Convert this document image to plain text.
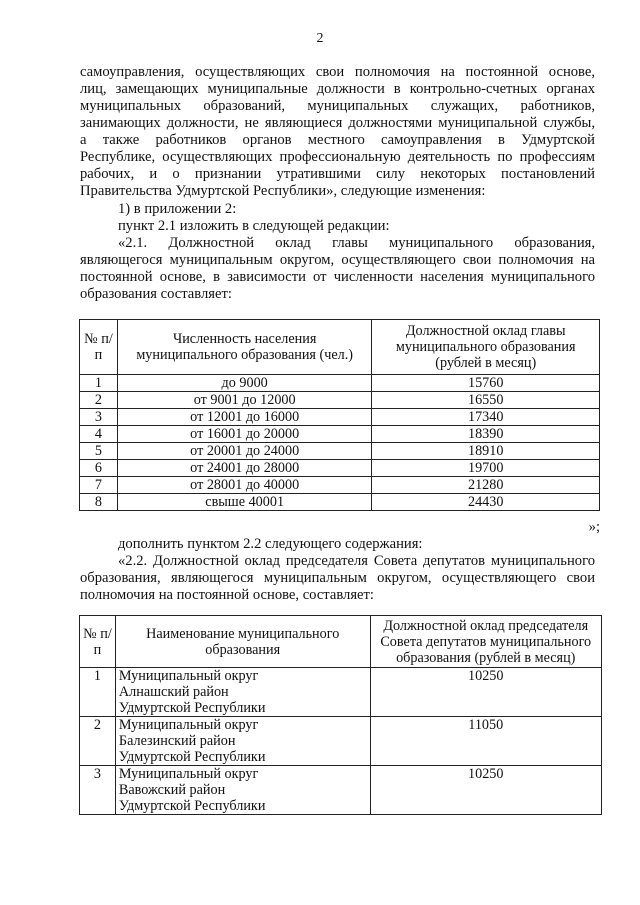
2
самоуправления, осуществляющих свои полномочия на постоянной основе,
лиц, замещающих муниципальные должности в контрольно-счетных органах
муниципальных образований, муниципальных служащих, работников,
занимающих должности, не являющиеся должностями муниципальной службы,
а также работников органов местного самоуправления в Удмуртской
Республике, осуществляющих профессиональную деятельность по профессиям
рабочих, и о признании утратившими силу некоторых постановлений
Правительства Удмуртской Республики», следующие изменения:
1) в приложении 2:
пункт 2.1 изложить в следующей редакции:
«2.1. Должностной оклад главы муниципального образования,
являющегося муниципальным округом, осуществляющего свои полномочия на
постоянной основе, в зависимости от численности населения муниципального
образования составляет:
№ п/п	Численность населения муниципального образования (чел.)	Должностной оклад главы муниципального образования (рублей в месяц)
1	до 9000	15760
2	от 9001 до 12000	16550
3	от 12001 до 16000	17340
4	от 16001 до 20000	18390
5	от 20001 до 24000	18910
6	от 24001 до 28000	19700
7	от 28001 до 40000	21280
8	свыше 40001	24430
»;
дополнить пунктом 2.2 следующего содержания:
«2.2. Должностной оклад председателя Совета депутатов муниципального
образования, являющегося муниципальным округом, осуществляющего свои
полномочия на постоянной основе, составляет:
№ п/п	Наименование муниципального образования	Должностной оклад председателя Совета депутатов муниципального образования (рублей в месяц)
1	Муниципальный округ
Алнашский район
Удмуртской Республики	10250
2	Муниципальный округ
Балезинский район
Удмуртской Республики	11050
3	Муниципальный округ
Вавожский район
Удмуртской Республики	10250
